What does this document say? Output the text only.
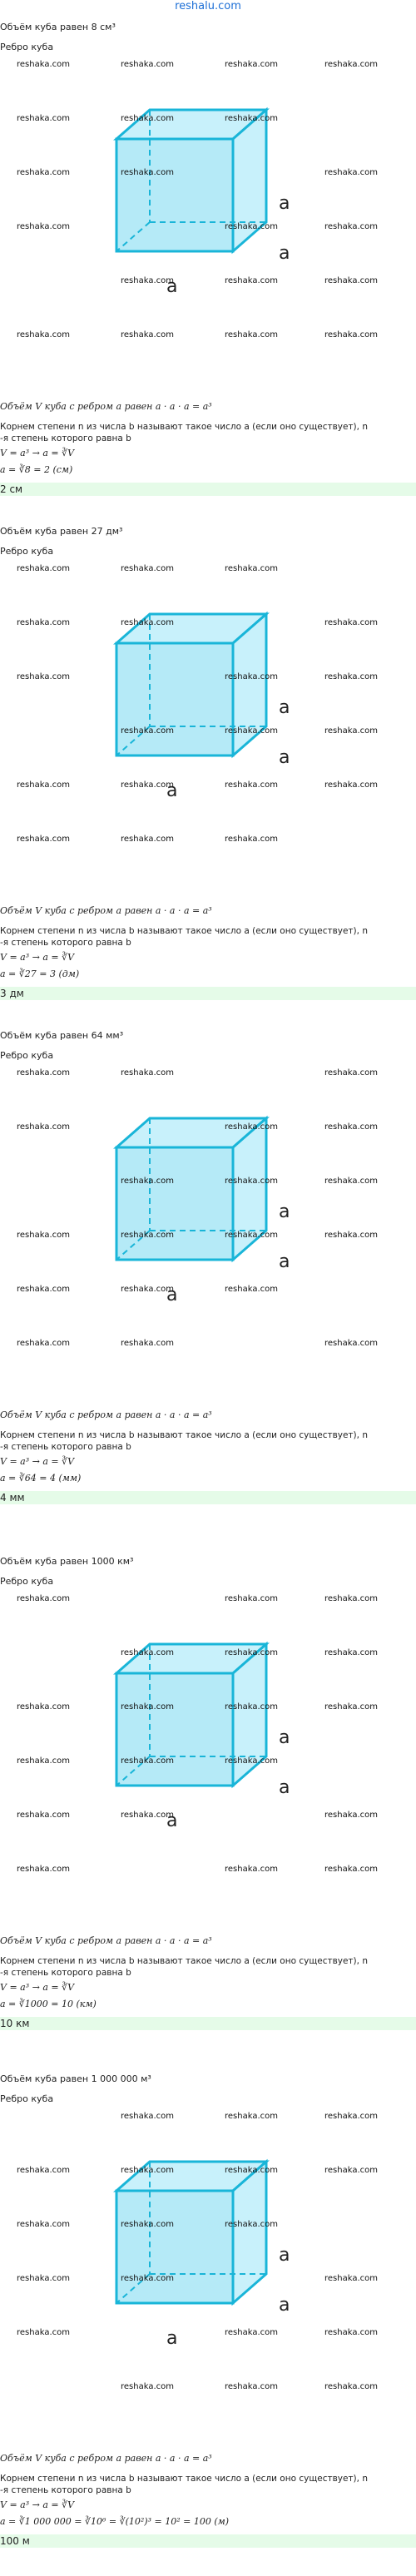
reshalu.com
Объём куба равен 8 см³
Ребро куба
a
a
a
reshaka.com	reshaka.com	reshaka.com	reshaka.com
reshaka.com	reshaka.com	reshaka.com
reshaka.com	reshaka.com	reshaka.com
reshaka.com	reshaka.com	reshaka.com
reshaka.com	reshaka.com	reshaka.com
reshaka.com	reshaka.com	reshaka.com	reshaka.com
Объём V куба с ребром a равен a · a · a = a³
Корнем степени n из числа b называют такое число a (если оно существует), n
-я степень которого равна b
V = a³ → a = ∛V
a = ∛8 = 2 (см)
2 см
Объём куба равен 27 дм³
Ребро куба
a
a
a
reshaka.com	reshaka.com	reshaka.com
reshaka.com	reshaka.com	reshaka.com
reshaka.com	reshaka.com	reshaka.com
reshaka.com	reshaka.com	reshaka.com
reshaka.com	reshaka.com	reshaka.com	reshaka.com
reshaka.com	reshaka.com	reshaka.com
Объём V куба с ребром a равен a · a · a = a³
Корнем степени n из числа b называют такое число a (если оно существует), n
-я степень которого равна b
V = a³ → a = ∛V
a = ∛27 = 3 (дм)
3 дм
Объём куба равен 64 мм³
Ребро куба
a
a
a
reshaka.com	reshaka.com	reshaka.com
reshaka.com	reshaka.com	reshaka.com
reshaka.com	reshaka.com	reshaka.com
reshaka.com	reshaka.com	reshaka.com	reshaka.com
reshaka.com	reshaka.com	reshaka.com
reshaka.com	reshaka.com	reshaka.com
Объём V куба с ребром a равен a · a · a = a³
Корнем степени n из числа b называют такое число a (если оно существует), n
-я степень которого равна b
V = a³ → a = ∛V
a = ∛64 = 4 (мм)
4 мм
Объём куба равен 1000 км³
Ребро куба
a
a
a
reshaka.com	reshaka.com	reshaka.com
reshaka.com	reshaka.com	reshaka.com
reshaka.com	reshaka.com	reshaka.com	reshaka.com
reshaka.com	reshaka.com	reshaka.com
reshaka.com	reshaka.com	reshaka.com
reshaka.com	reshaka.com	reshaka.com
Объём V куба с ребром a равен a · a · a = a³
Корнем степени n из числа b называют такое число a (если оно существует), n
-я степень которого равна b
V = a³ → a = ∛V
a = ∛1000 = 10 (км)
10 км
Объём куба равен 1 000 000 м³
Ребро куба
a
a
a
reshaka.com	reshaka.com	reshaka.com
reshaka.com	reshaka.com	reshaka.com	reshaka.com
reshaka.com	reshaka.com	reshaka.com
reshaka.com	reshaka.com	reshaka.com
reshaka.com	reshaka.com	reshaka.com
reshaka.com	reshaka.com	reshaka.com
Объём V куба с ребром a равен a · a · a = a³
Корнем степени n из числа b называют такое число a (если оно существует), n
-я степень которого равна b
V = a³ → a = ∛V
a = ∛1 000 000 = ∛10⁶ = ∛(10²)³ = 10² = 100 (м)
100 м
